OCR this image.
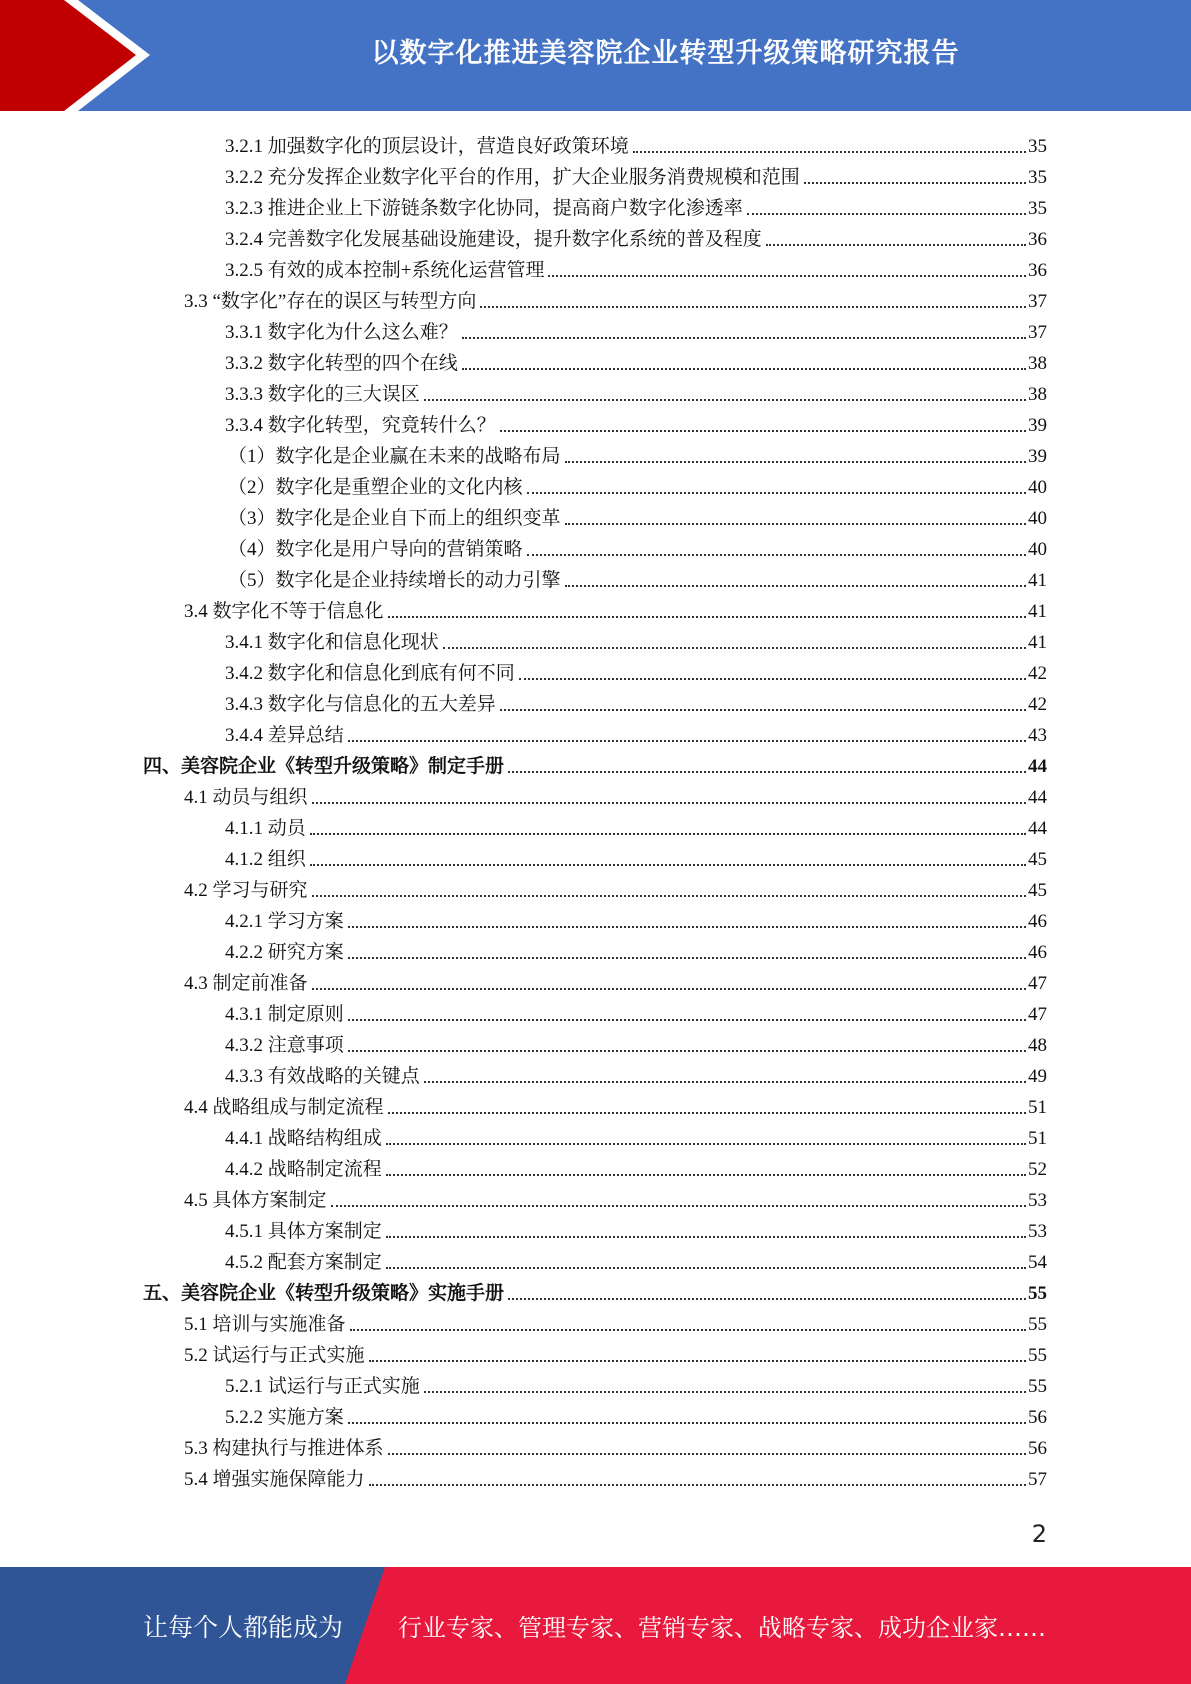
以数字化推进美容院企业转型升级策略研究报告
3.2.1 加强数字化的顶层设计，营造良好政策环境	35
3.2.2 充分发挥企业数字化平台的作用，扩大企业服务消费规模和范围	35
3.2.3 推进企业上下游链条数字化协同，提高商户数字化渗透率	35
3.2.4 完善数字化发展基础设施建设，提升数字化系统的普及程度	36
3.2.5 有效的成本控制+系统化运营管理	36
3.3 “数字化”存在的误区与转型方向	37
3.3.1 数字化为什么这么难？	37
3.3.2 数字化转型的四个在线	38
3.3.3 数字化的三大误区	38
3.3.4 数字化转型，究竟转什么？	39
（1）数字化是企业赢在未来的战略布局	39
（2）数字化是重塑企业的文化内核	40
（3）数字化是企业自下而上的组织变革	40
（4）数字化是用户导向的营销策略	40
（5）数字化是企业持续增长的动力引擎	41
3.4 数字化不等于信息化	41
3.4.1 数字化和信息化现状	41
3.4.2 数字化和信息化到底有何不同	42
3.4.3 数字化与信息化的五大差异	42
3.4.4 差异总结	43
四、美容院企业《转型升级策略》制定手册	44
4.1 动员与组织	44
4.1.1 动员	44
4.1.2 组织	45
4.2 学习与研究	45
4.2.1 学习方案	46
4.2.2 研究方案	46
4.3 制定前准备	47
4.3.1 制定原则	47
4.3.2 注意事项	48
4.3.3 有效战略的关键点	49
4.4 战略组成与制定流程	51
4.4.1 战略结构组成	51
4.4.2 战略制定流程	52
4.5 具体方案制定	53
4.5.1 具体方案制定	53
4.5.2 配套方案制定	54
五、美容院企业《转型升级策略》实施手册	55
5.1 培训与实施准备	55
5.2 试运行与正式实施	55
5.2.1 试运行与正式实施	55
5.2.2 实施方案	56
5.3 构建执行与推进体系	56
5.4 增强实施保障能力	57
2
让每个人都能成为 行业专家、管理专家、营销专家、战略专家、成功企业家……
